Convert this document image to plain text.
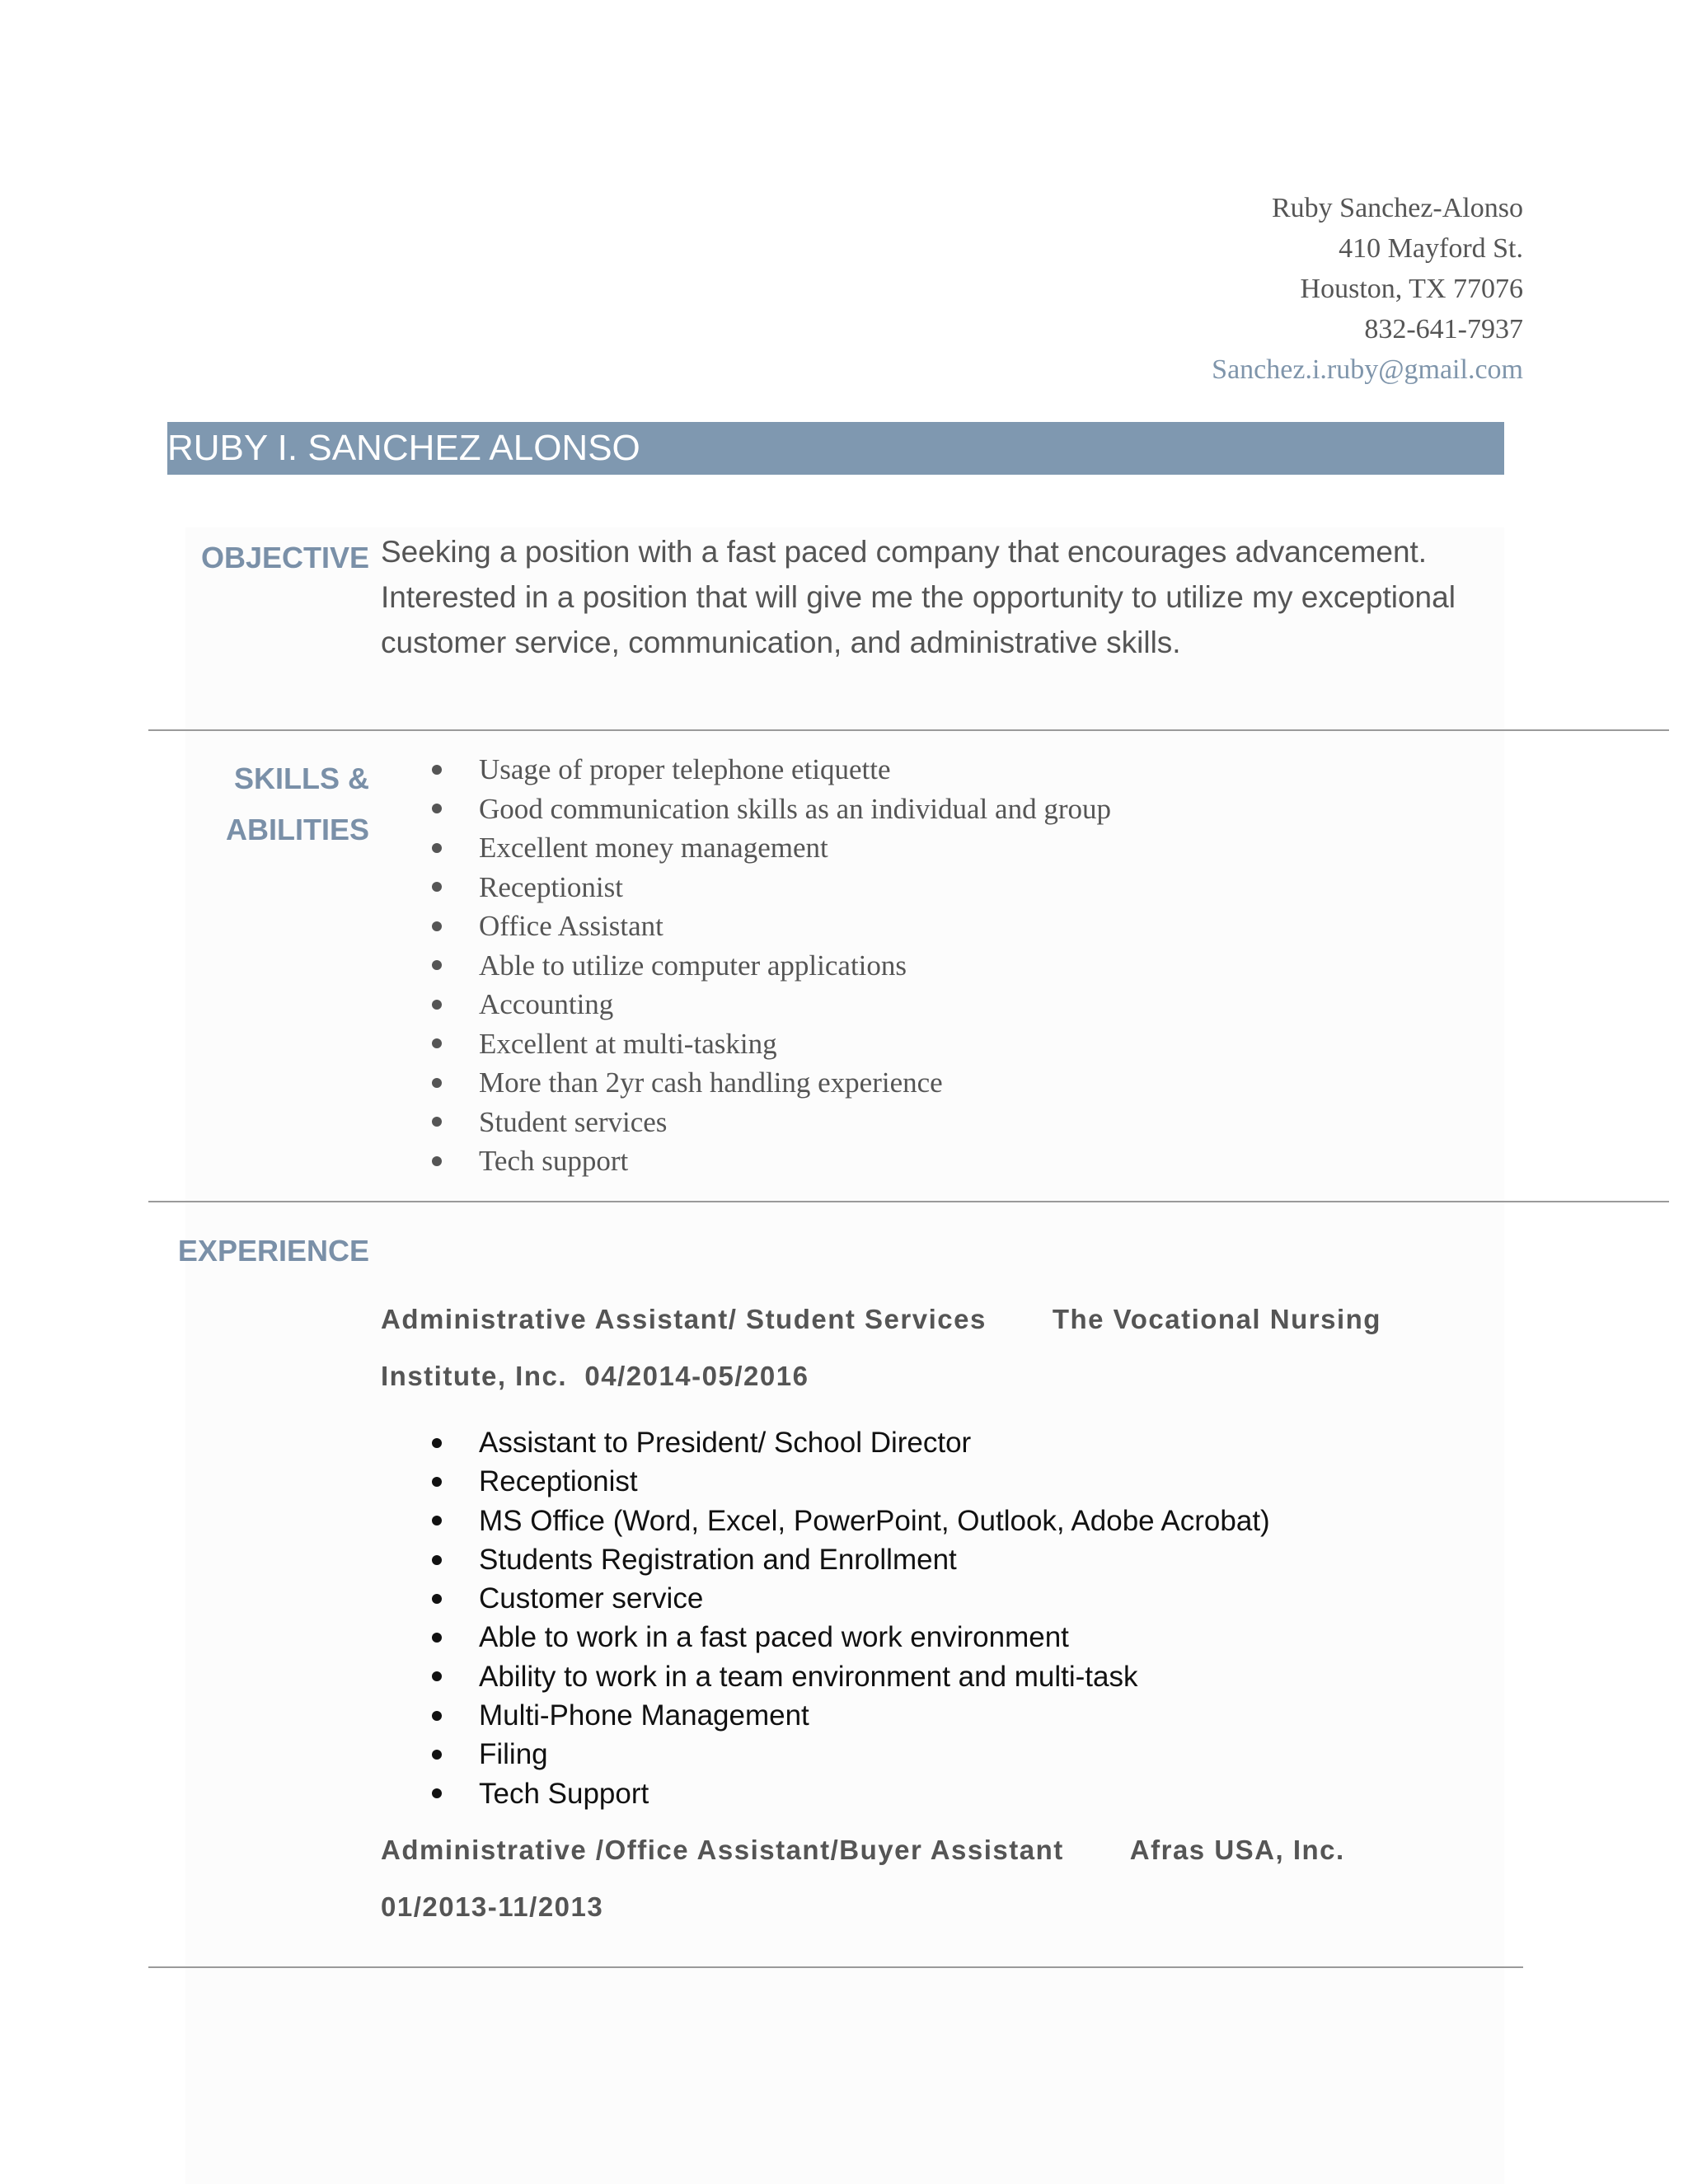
Ruby Sanchez-Alonso
410 Mayford St.
Houston, TX 77076
832-641-7937
Sanchez.i.ruby@gmail.com
RUBY I. SANCHEZ ALONSO
OBJECTIVE Seeking a position with a fast paced company that encourages advancement. Interested in a position that will give me the opportunity to utilize my exceptional customer service, communication, and administrative skills.
SKILLS &
ABILITIES
Usage of proper telephone etiquette
Good communication skills as an individual and group
Excellent money management
Receptionist
Office Assistant
Able to utilize computer applications
Accounting
Excellent at multi-tasking
More than 2yr cash handling experience
Student services
Tech support
EXPERIENCE
Administrative Assistant/ Student Services The Vocational Nursing
Institute, Inc. 04/2014-05/2016
Assistant to President/ School Director
Receptionist
MS Office (Word, Excel, PowerPoint, Outlook, Adobe Acrobat)
Students Registration and Enrollment
Customer service
Able to work in a fast paced work environment
Ability to work in a team environment and multi-task
Multi-Phone Management
Filing
Tech Support
Administrative /Office Assistant/Buyer Assistant Afras USA, Inc.
01/2013-11/2013
